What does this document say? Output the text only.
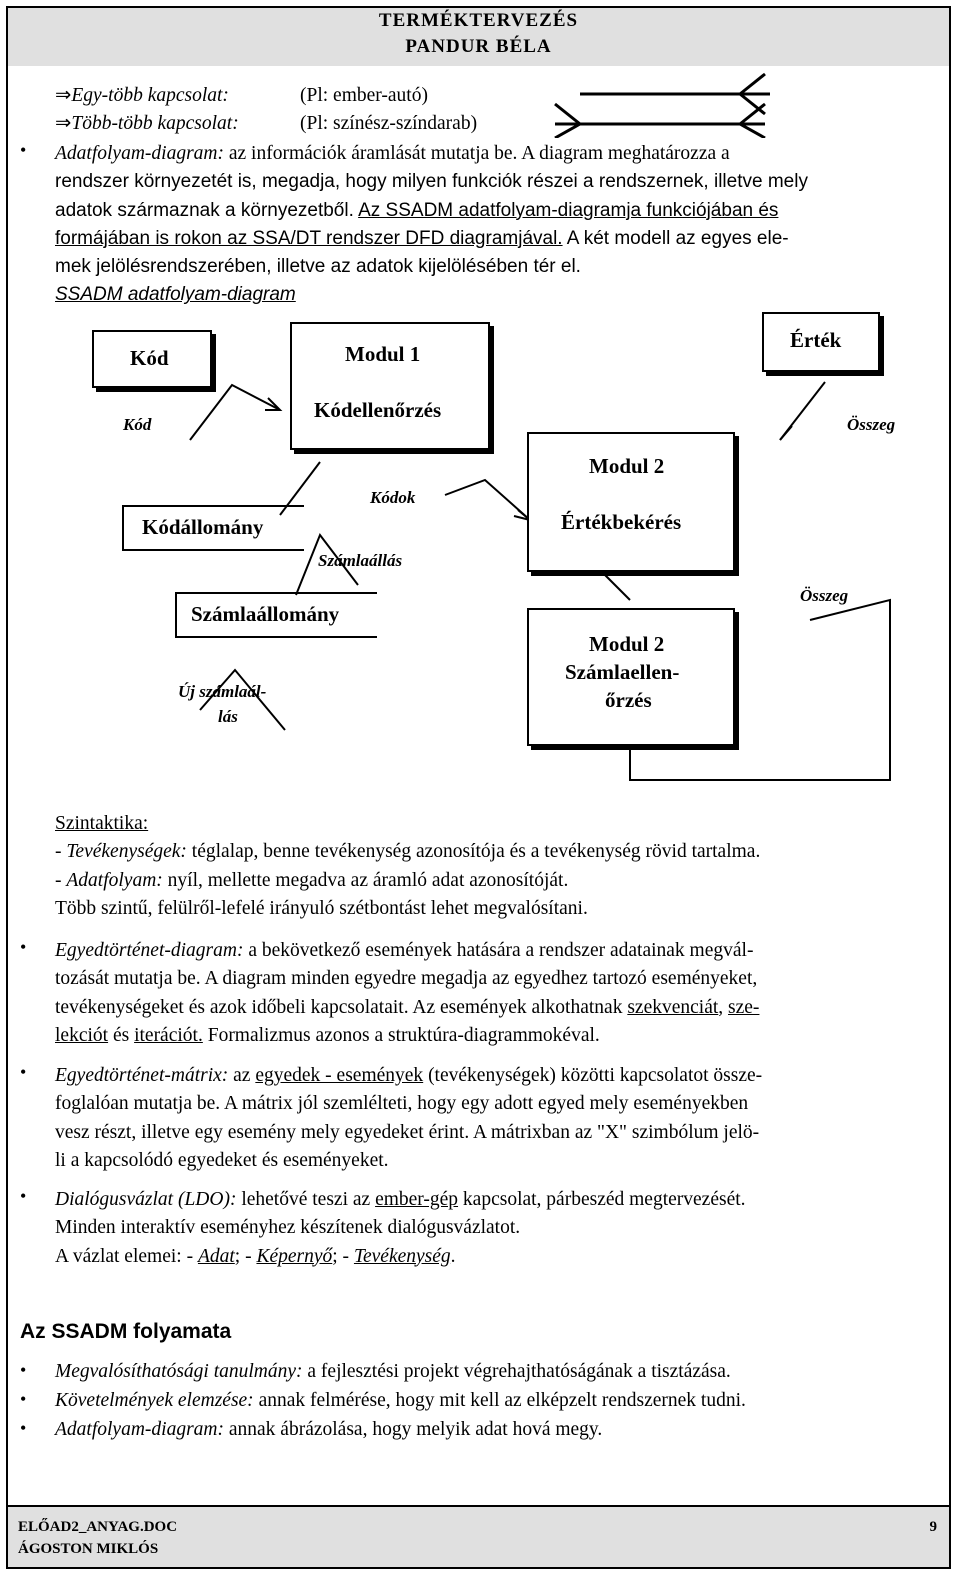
TERMÉKTERVEZÉS
PANDUR BÉLA
⇒Egy-több kapcsolat:	(Pl: ember-autó)
⇒Több-több kapcsolat:	(Pl: színész-színdarab)
• Adatfolyam-diagram: az információk áramlását mutatja be. A diagram meghatározza a
rendszer környezetét is, megadja, hogy milyen funkciók részei a rendszernek, illetve mely
adatok származnak a környezetből. Az SSADM adatfolyam-diagramja funkciójában és
formájában is rokon az SSA/DT rendszer DFD diagramjával. A két modell az egyes ele-
mek jelölésrendszerében, illetve az adatok kijelölésében tér el.
SSADM adatfolyam-diagram
Kód	Modul 1
Kódellenőrzés
Érték
Kód	Összeg
Modul 2
Értékbekérés
Kódok
Kódállomány
Számlaállás
Számlaállomány
Összeg
Modul 2
Számlaellen-
őrzés
Új számlaál-
lás
Szintaktika:
- Tevékenységek: téglalap, benne tevékenység azonosítója és a tevékenység rövid tartalma.
- Adatfolyam: nyíl, mellette megadva az áramló adat azonosítóját.
Több szintű, felülről-lefelé irányuló szétbontást lehet megvalósítani.
• Egyedtörténet-diagram: a bekövetkező események hatására a rendszer adatainak megvál-
tozását mutatja be. A diagram minden egyedre megadja az egyedhez tartozó eseményeket,
tevékenységeket és azok időbeli kapcsolatait. Az események alkothatnak szekvenciát, sze-
lekciót és iterációt. Formalizmus azonos a struktúra-diagrammokéval.
• Egyedtörténet-mátrix: az egyedek - események (tevékenységek) közötti kapcsolatot össze-
foglalóan mutatja be. A mátrix jól szemlélteti, hogy egy adott egyed mely eseményekben
vesz részt, illetve egy esemény mely egyedeket érint. A mátrixban az "X" szimbólum jelö-
li a kapcsolódó egyedeket és eseményeket.
• Dialógusvázlat (LDO): lehetővé teszi az ember-gép kapcsolat, párbeszéd megtervezését.
Minden interaktív eseményhez készítenek dialógusvázlatot.
A vázlat elemei: - Adat; - Képernyő; - Tevékenység.
Az SSADM folyamata
• Megvalósíthatósági tanulmány: a fejlesztési projekt végrehajthatóságának a tisztázása.
• Követelmények elemzése: annak felmérése, hogy mit kell az elképzelt rendszernek tudni.
• Adatfolyam-diagram: annak ábrázolása, hogy melyik adat hová megy.
ELŐAD2_ANYAG.DOC
ÁGOSTON MIKLÓS
9
